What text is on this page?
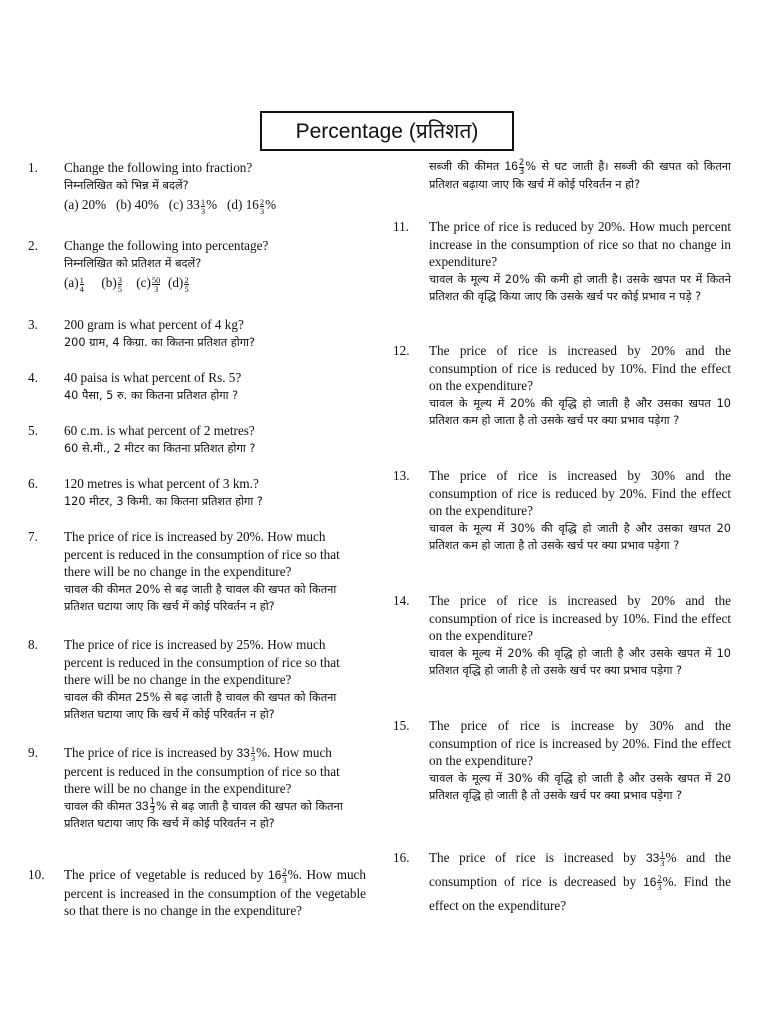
Percentage (प्रतिशत)
1. Change the following into fraction?
निम्नलिखित को भिन्न में बदलें?
(a) 20% (b) 40% (c) $33 \frac{1}{3}$ % (d) $16 \frac{2}{3}$ %
2. Change the following into percentage?
निम्नलिखित को प्रतिशत में बदलें?
$(a) \frac{1}{4} (b) \frac{3}{5} (c) \frac{50}{3} (d) \frac{2}{5}$
3. 200 gram is what percent of 4 kg?
200 ग्राम, 4 किग्रा. का कितना प्रतिशत होगा?
4. 40 paisa is what percent of Rs. 5?
40 पैसा, 5 रु. का कितना प्रतिशत होगा ?
5. 60 c.m. is what percent of 2 metres?
60 से.मी., 2 मीटर का कितना प्रतिशत होगा ?
6. 120 metres is what percent of 3 km.?
120 मीटर, 3 किमी. का कितना प्रतिशत होगा ?
7. The price of rice is increased by 20%. How much percent is reduced in the consumption of rice so that there will be no change in the expenditure?
चावल की कीमत 20% से बढ़ जाती है चावल की खपत को कितना प्रतिशत घटाया जाए कि खर्च में कोई परिवर्तन न हो?
8. The price of rice is increased by 25%. How much percent is reduced in the consumption of rice so that there will be no change in the expenditure?
चावल की कीमत 25% से बढ़ जाती है चावल की खपत को कितना प्रतिशत घटाया जाए कि खर्च में कोई परिवर्तन न हो?
9. The price of rice is increased by $33 \frac{1}{3}$ %. How much percent is reduced in the consumption of rice so that there will be no change in the expenditure?
चावल की कीमत $33 \frac{1}{3}$ % से बढ़ जाती है चावल की खपत को कितना प्रतिशत घटाया जाए कि खर्च में कोई परिवर्तन न हो?
10. The price of vegetable is reduced by $16 \frac{2}{3}$ %. How much percent is increased in the consumption of the vegetable so that there is no change in the expenditure?
सब्जी की कीमत $16 \frac{2}{3}$ % से घट जाती है। सब्जी की खपत को कितना प्रतिशत बढ़ाया जाए कि खर्च में कोई परिवर्तन न हो?
11. The price of rice is reduced by 20%. How much percent increase in the consumption of rice so that no change in expenditure?
चावल के मूल्य में 20% की कमी हो जाती है। उसके खपत पर में कितने प्रतिशत की वृद्धि किया जाए कि उसके खर्च पर कोई प्रभाव न पड़े ?
12. The price of rice is increased by 20% and the consumption of rice is reduced by 10%. Find the effect on the expenditure?
चावल के मूल्य में 20% की वृद्धि हो जाती है और उसका खपत 10 प्रतिशत कम हो जाता है तो उसके खर्च पर क्या प्रभाव पड़ेगा ?
13. The price of rice is increased by 30% and the consumption of rice is reduced by 20%. Find the effect on the expenditure?
चावल के मूल्य में 30% की वृद्धि हो जाती है और उसका खपत 20 प्रतिशत कम हो जाता है तो उसके खर्च पर क्या प्रभाव पड़ेगा ?
14. The price of rice is increased by 20% and the consumption of rice is increased by 10%. Find the effect on the expenditure?
चावल के मूल्य में 20% की वृद्धि हो जाती है और उसके खपत में 10 प्रतिशत वृद्धि हो जाती है तो उसके खर्च पर क्या प्रभाव पड़ेगा ?
15. The price of rice is increase by 30% and the consumption of rice is increased by 20%. Find the effect on the expenditure?
चावल के मूल्य में 30% की वृद्धि हो जाती है और उसके खपत में 20 प्रतिशत वृद्धि हो जाती है तो उसके खर्च पर क्या प्रभाव पड़ेगा ?
16. The price of rice is increased by $33 \frac{1}{3}$ % and the consumption of rice is decreased by $16 \frac{2}{3}$ %. Find the effect on the expenditure?
